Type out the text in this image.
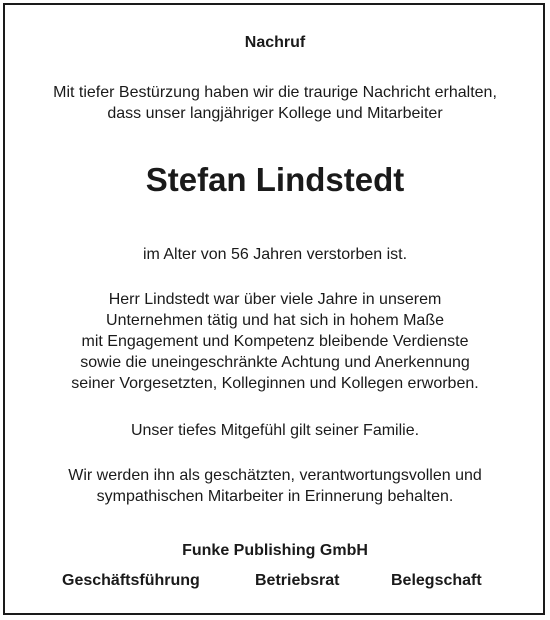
Nachruf
Mit tiefer Bestürzung haben wir die traurige Nachricht erhalten,
dass unser langjähriger Kollege und Mitarbeiter
Stefan Lindstedt
im Alter von 56 Jahren verstorben ist.
Herr Lindstedt war über viele Jahre in unserem
Unternehmen tätig und hat sich in hohem Maße
mit Engagement und Kompetenz bleibende Verdienste
sowie die uneingeschränkte Achtung und Anerkennung
seiner Vorgesetzten, Kolleginnen und Kollegen erworben.
Unser tiefes Mitgefühl gilt seiner Familie.
Wir werden ihn als geschätzten, verantwortungsvollen und
sympathischen Mitarbeiter in Erinnerung behalten.
Funke Publishing GmbH
Geschäftsführung	Betriebsrat	Belegschaft
